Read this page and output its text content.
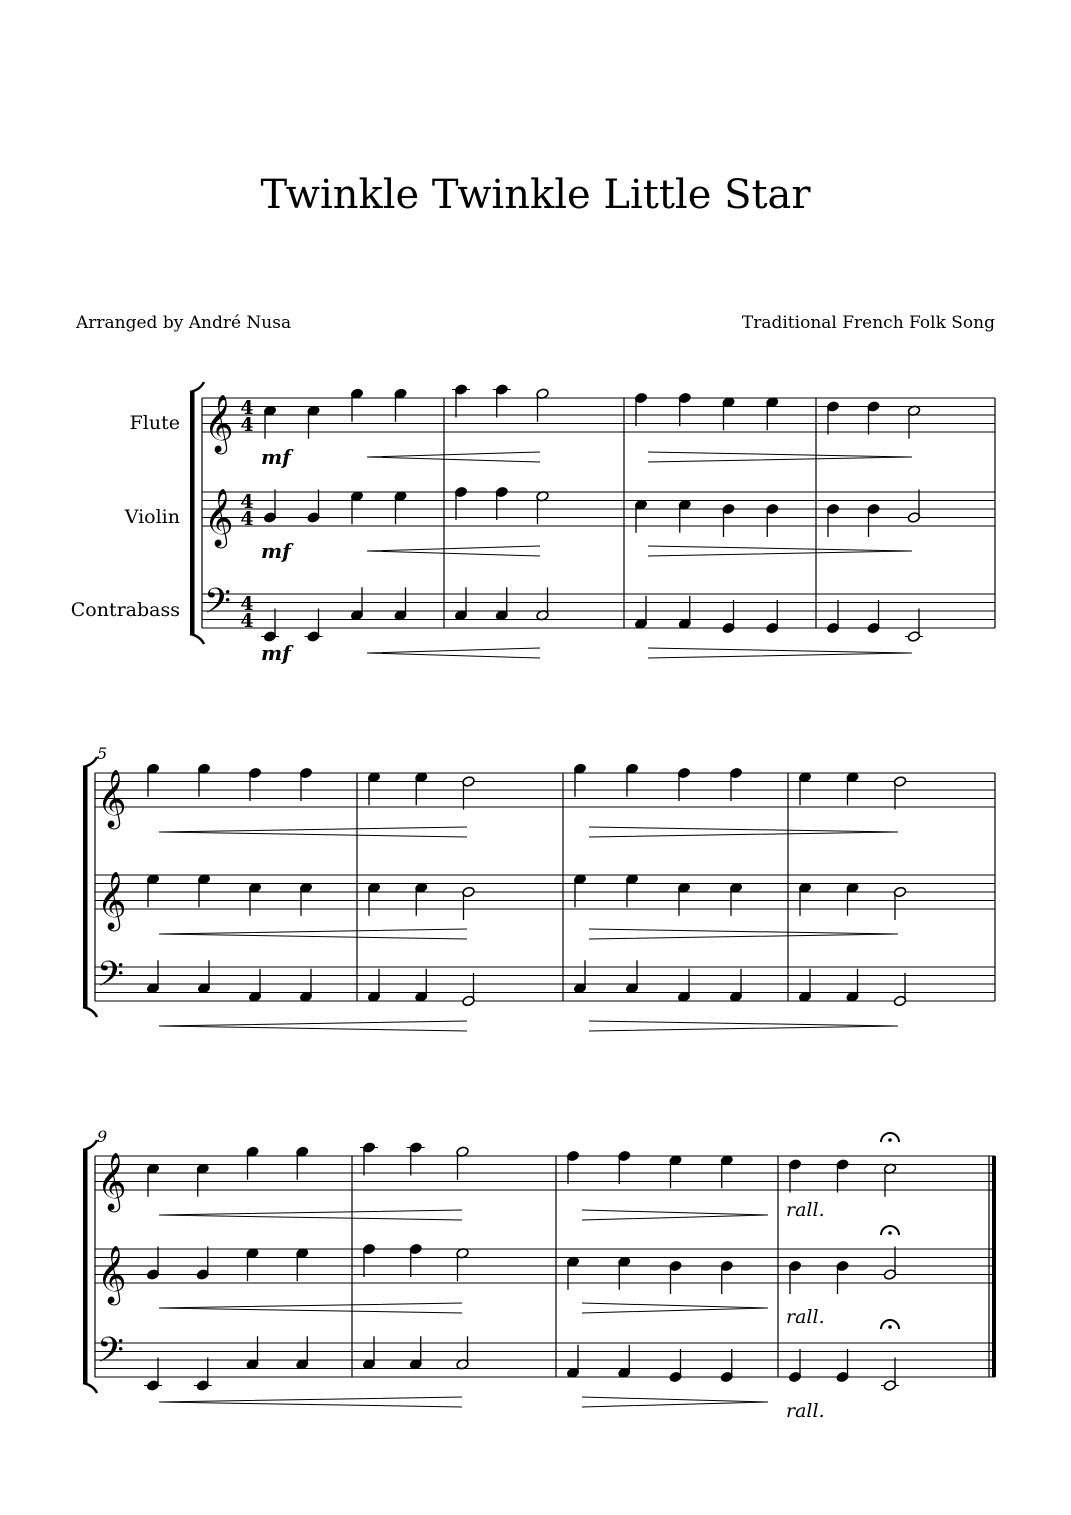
Twinkle Twinkle Little Star
Arranged by André Nusa	Traditional French Folk Song
Flute
Violin
Contrabass
𝄞 4
4
𝄞 4
4
𝄢 4
4
mf
mf
mf
5
𝄞
𝄞
𝄢
9
𝄞
𝄞
𝄢
rall.
rall.
rall.
